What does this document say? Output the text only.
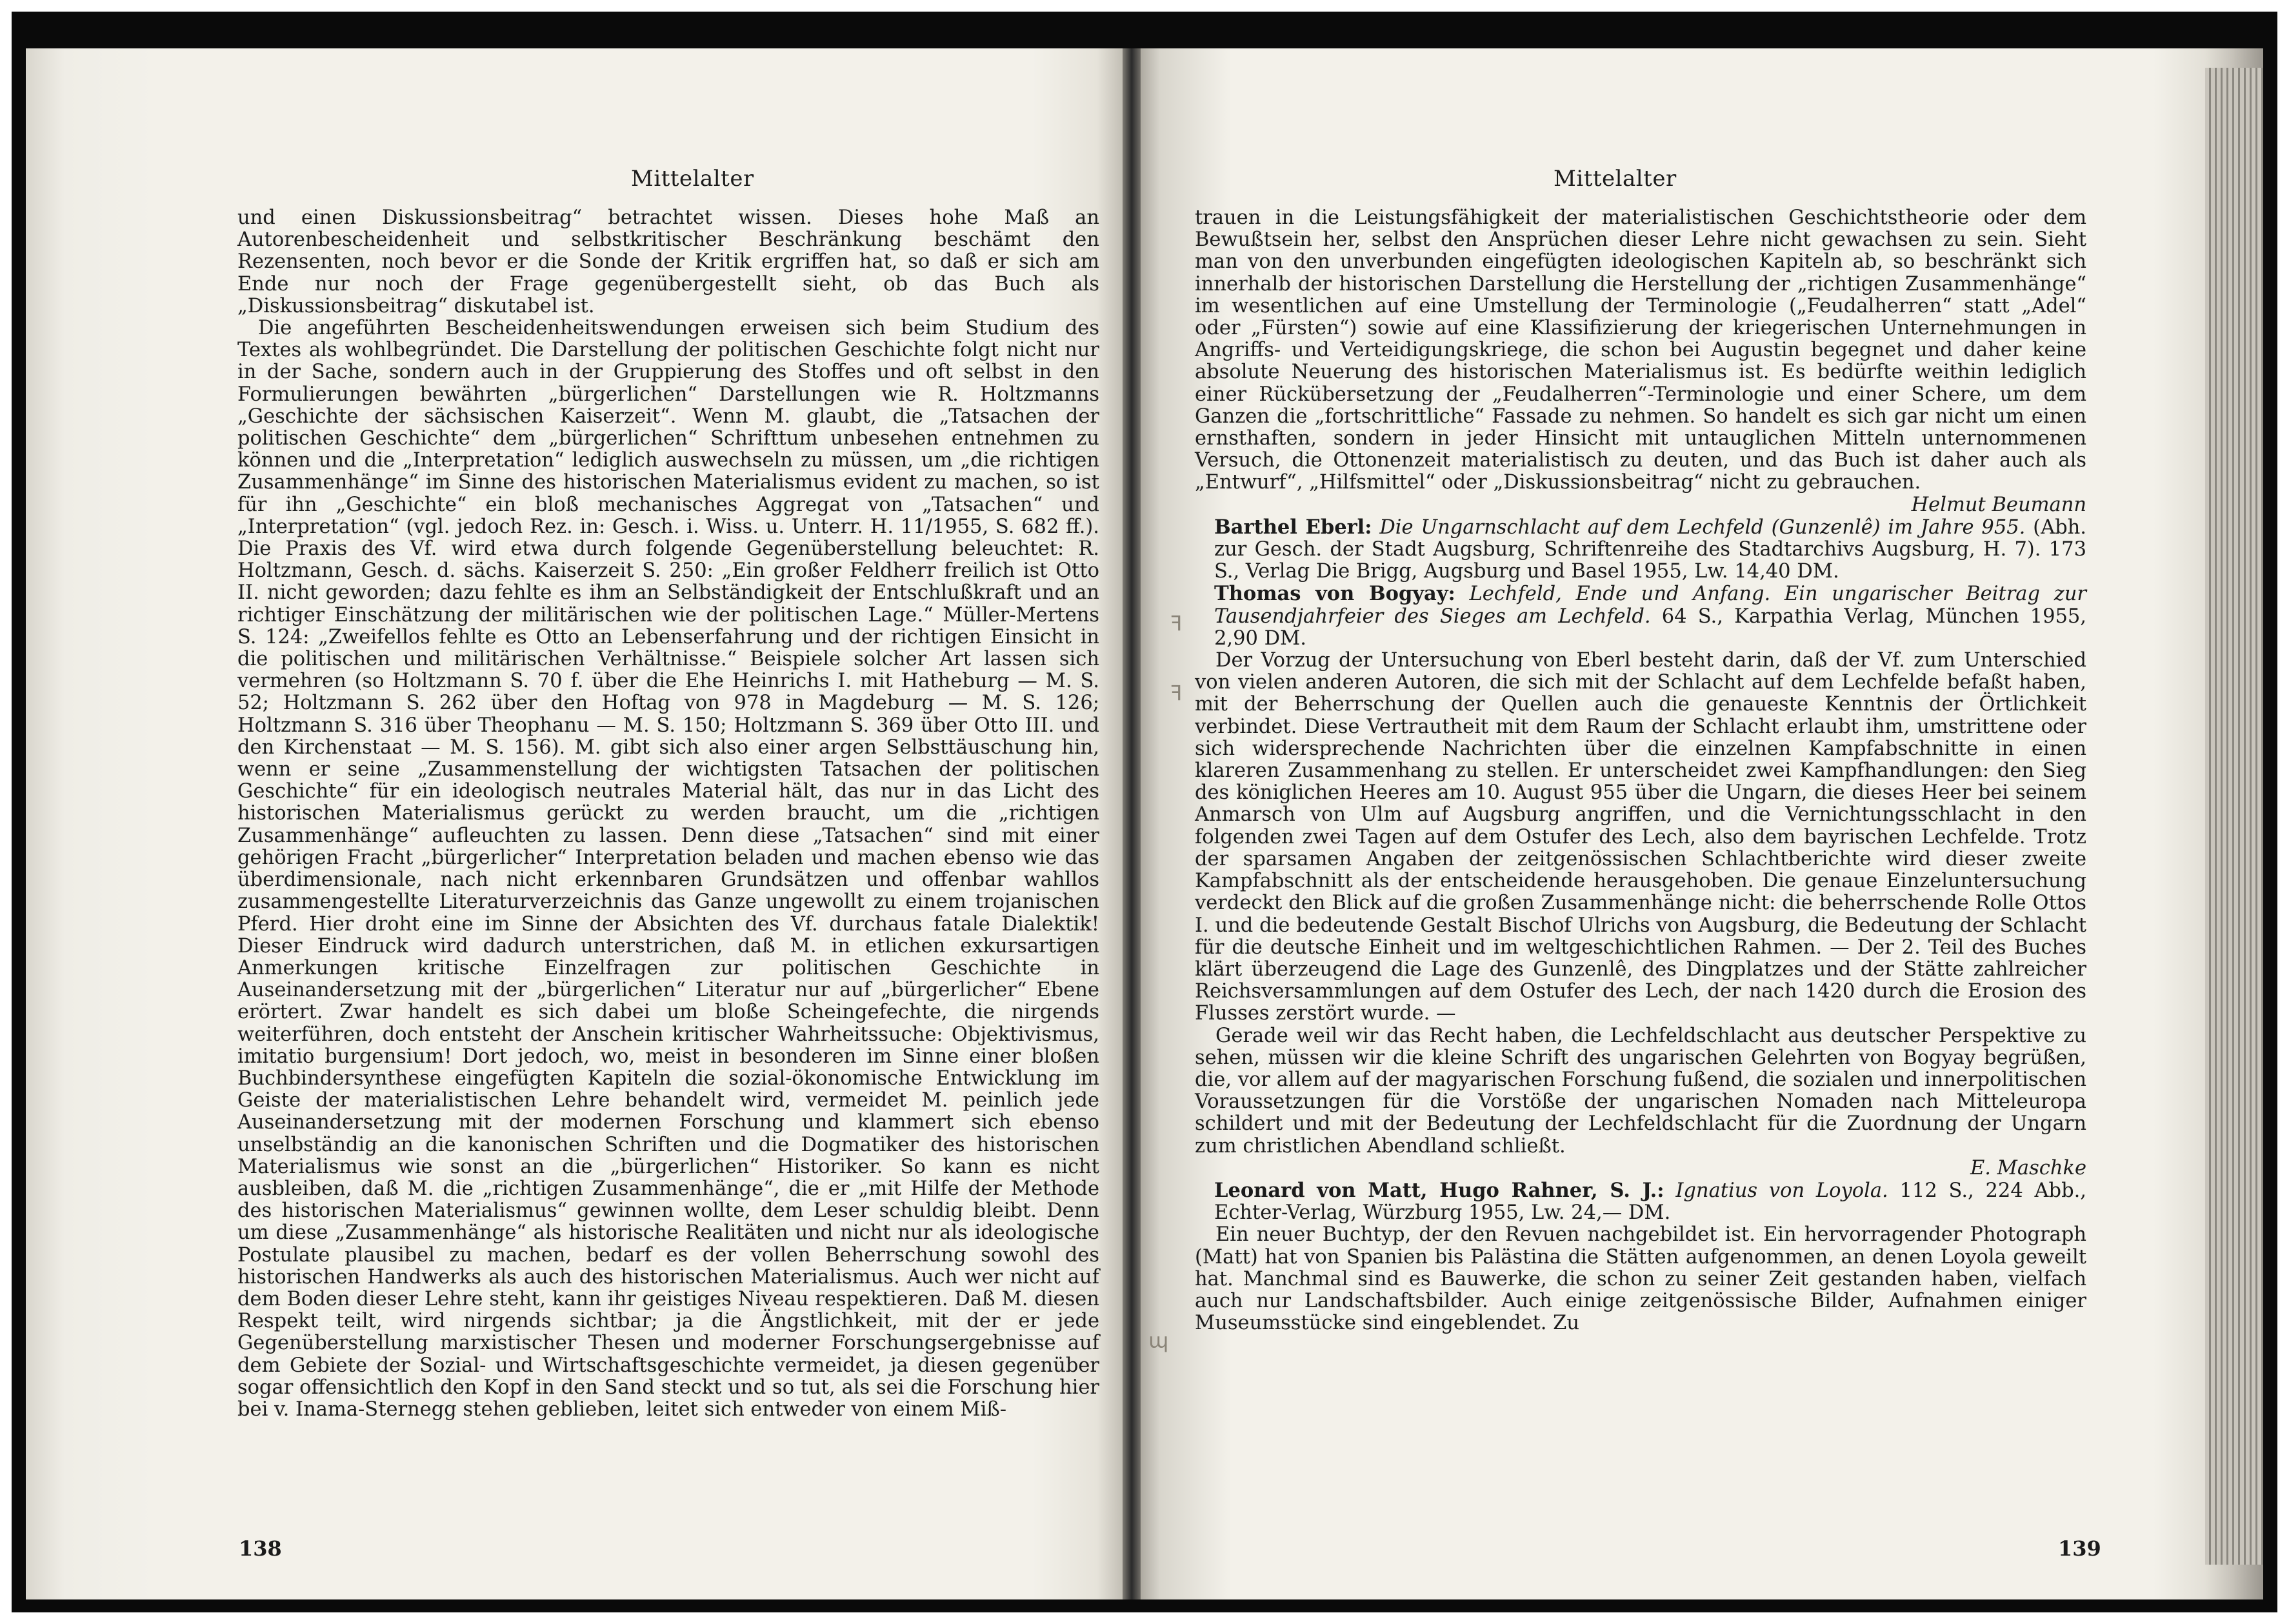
Mittelalter

und einen Diskussionsbeitrag“ betrachtet wissen. Dieses hohe Maß an Autorenbescheidenheit und selbstkritischer Beschränkung beschämt den Rezensenten, noch bevor er die Sonde der Kritik ergriffen hat, so daß er sich am Ende nur noch der Frage gegenübergestellt sieht, ob das Buch als „Diskussionsbeitrag“ diskutabel ist.

Die angeführten Bescheidenheitswendungen erweisen sich beim Studium des Textes als wohlbegründet. Die Darstellung der politischen Geschichte folgt nicht nur in der Sache, sondern auch in der Gruppierung des Stoffes und oft selbst in den Formulierungen bewährten „bürgerlichen“ Darstellungen wie R. Holtzmanns „Geschichte der sächsischen Kaiserzeit“. Wenn M. glaubt, die „Tatsachen der politischen Geschichte“ dem „bürgerlichen“ Schrifttum unbesehen entnehmen zu können und die „Interpretation“ lediglich auswechseln zu müssen, um „die richtigen Zusammenhänge“ im Sinne des historischen Materialismus evident zu machen, so ist für ihn „Geschichte“ ein bloß mechanisches Aggregat von „Tatsachen“ und „Interpretation“ (vgl. jedoch Rez. in: Gesch. i. Wiss. u. Unterr. H. 11/1955, S. 682 ff.). Die Praxis des Vf. wird etwa durch folgende Gegenüberstellung beleuchtet: R. Holtzmann, Gesch. d. sächs. Kaiserzeit S. 250: „Ein großer Feldherr freilich ist Otto II. nicht geworden; dazu fehlte es ihm an Selbständigkeit der Entschlußkraft und an richtiger Einschätzung der militärischen wie der politischen Lage.“ Müller-Mertens S. 124: „Zweifellos fehlte es Otto an Lebenserfahrung und der richtigen Einsicht in die politischen und militärischen Verhältnisse.“ Beispiele solcher Art lassen sich vermehren (so Holtzmann S. 70 f. über die Ehe Heinrichs I. mit Hatheburg — M. S. 52; Holtzmann S. 262 über den Hoftag von 978 in Magdeburg — M. S. 126; Holtzmann S. 316 über Theophanu — M. S. 150; Holtzmann S. 369 über Otto III. und den Kirchenstaat — M. S. 156). M. gibt sich also einer argen Selbsttäuschung hin, wenn er seine „Zusammenstellung der wichtigsten Tatsachen der politischen Geschichte“ für ein ideologisch neutrales Material hält, das nur in das Licht des historischen Materialismus gerückt zu werden braucht, um die „richtigen Zusammenhänge“ aufleuchten zu lassen. Denn diese „Tatsachen“ sind mit einer gehörigen Fracht „bürgerlicher“ Interpretation beladen und machen ebenso wie das überdimensionale, nach nicht erkennbaren Grundsätzen und offenbar wahllos zusammengestellte Literaturverzeichnis das Ganze ungewollt zu einem trojanischen Pferd. Hier droht eine im Sinne der Absichten des Vf. durchaus fatale Dialektik! Dieser Eindruck wird dadurch unterstrichen, daß M. in etlichen exkursartigen Anmerkungen kritische Einzelfragen zur politischen Geschichte in Auseinandersetzung mit der „bürgerlichen“ Literatur nur auf „bürgerlicher“ Ebene erörtert. Zwar handelt es sich dabei um bloße Scheingefechte, die nirgends weiterführen, doch entsteht der Anschein kritischer Wahrheitssuche: Objektivismus, imitatio burgensium! Dort jedoch, wo, meist in besonderen im Sinne einer bloßen Buchbindersynthese eingefügten Kapiteln die sozial-ökonomische Entwicklung im Geiste der materialistischen Lehre behandelt wird, vermeidet M. peinlich jede Auseinandersetzung mit der modernen Forschung und klammert sich ebenso unselbständig an die kanonischen Schriften und die Dogmatiker des historischen Materialismus wie sonst an die „bürgerlichen“ Historiker. So kann es nicht ausbleiben, daß M. die „richtigen Zusammenhänge“, die er „mit Hilfe der Methode des historischen Materialismus“ gewinnen wollte, dem Leser schuldig bleibt. Denn um diese „Zusammenhänge“ als historische Realitäten und nicht nur als ideologische Postulate plausibel zu machen, bedarf es der vollen Beherrschung sowohl des historischen Handwerks als auch des historischen Materialismus. Auch wer nicht auf dem Boden dieser Lehre steht, kann ihr geistiges Niveau respektieren. Daß M. diesen Respekt teilt, wird nirgends sichtbar; ja die Ängstlichkeit, mit der er jede Gegenüberstellung marxistischer Thesen und moderner Forschungsergebnisse auf dem Gebiete der Sozial- und Wirtschaftsgeschichte vermeidet, ja diesen gegenüber sogar offensichtlich den Kopf in den Sand steckt und so tut, als sei die Forschung hier bei v. Inama-Sternegg stehen geblieben, leitet sich entweder von einem Miß-

138
Mittelalter

trauen in die Leistungsfähigkeit der materialistischen Geschichtstheorie oder dem Bewußtsein her, selbst den Ansprüchen dieser Lehre nicht gewachsen zu sein. Sieht man von den unverbunden eingefügten ideologischen Kapiteln ab, so beschränkt sich innerhalb der historischen Darstellung die Herstellung der „richtigen Zusammenhänge“ im wesentlichen auf eine Umstellung der Terminologie („Feudalherren“ statt „Adel“ oder „Fürsten“) sowie auf eine Klassifizierung der kriegerischen Unternehmungen in Angriffs- und Verteidigungskriege, die schon bei Augustin begegnet und daher keine absolute Neuerung des historischen Materialismus ist. Es bedürfte weithin lediglich einer Rückübersetzung der „Feudalherren“-Terminologie und einer Schere, um dem Ganzen die „fortschrittliche“ Fassade zu nehmen. So handelt es sich gar nicht um einen ernsthaften, sondern in jeder Hinsicht mit untauglichen Mitteln unternommenen Versuch, die Ottonenzeit materialistisch zu deuten, und das Buch ist daher auch als „Entwurf“, „Hilfsmittel“ oder „Diskussionsbeitrag“ nicht zu gebrauchen.

Helmut Beumann

Barthel Eberl: Die Ungarnschlacht auf dem Lechfeld (Gunzenlê) im Jahre 955. (Abh. zur Gesch. der Stadt Augsburg, Schriftenreihe des Stadtarchivs Augsburg, H. 7). 173 S., Verlag Die Brigg, Augsburg und Basel 1955, Lw. 14,40 DM.

Thomas von Bogyay: Lechfeld, Ende und Anfang. Ein ungarischer Beitrag zur Tausendjahrfeier des Sieges am Lechfeld. 64 S., Karpathia Verlag, München 1955, 2,90 DM.

Der Vorzug der Untersuchung von Eberl besteht darin, daß der Vf. zum Unterschied von vielen anderen Autoren, die sich mit der Schlacht auf dem Lechfelde befaßt haben, mit der Beherrschung der Quellen auch die genaueste Kenntnis der Örtlichkeit verbindet. Diese Vertrautheit mit dem Raum der Schlacht erlaubt ihm, umstrittene oder sich widersprechende Nachrichten über die einzelnen Kampfabschnitte in einen klareren Zusammenhang zu stellen. Er unterscheidet zwei Kampfhandlungen: den Sieg des königlichen Heeres am 10. August 955 über die Ungarn, die dieses Heer bei seinem Anmarsch von Ulm auf Augsburg angriffen, und die Vernichtungsschlacht in den folgenden zwei Tagen auf dem Ostufer des Lech, also dem bayrischen Lechfelde. Trotz der sparsamen Angaben der zeitgenössischen Schlachtberichte wird dieser zweite Kampfabschnitt als der entscheidende herausgehoben. Die genaue Einzeluntersuchung verdeckt den Blick auf die großen Zusammenhänge nicht: die beherrschende Rolle Ottos I. und die bedeutende Gestalt Bischof Ulrichs von Augsburg, die Bedeutung der Schlacht für die deutsche Einheit und im weltgeschichtlichen Rahmen. — Der 2. Teil des Buches klärt überzeugend die Lage des Gunzenlê, des Dingplatzes und der Stätte zahlreicher Reichsversammlungen auf dem Ostufer des Lech, der nach 1420 durch die Erosion des Flusses zerstört wurde. —

Gerade weil wir das Recht haben, die Lechfeldschlacht aus deutscher Perspektive zu sehen, müssen wir die kleine Schrift des ungarischen Gelehrten von Bogyay begrüßen, die, vor allem auf der magyarischen Forschung fußend, die sozialen und innerpolitischen Voraussetzungen für die Vorstöße der ungarischen Nomaden nach Mitteleuropa schildert und mit der Bedeutung der Lechfeldschlacht für die Zuordnung der Ungarn zum christlichen Abendland schließt.

E. Maschke

Leonard von Matt, Hugo Rahner, S. J.: Ignatius von Loyola. 112 S., 224 Abb., Echter-Verlag, Würzburg 1955, Lw. 24,— DM.

Ein neuer Buchtyp, der den Revuen nachgebildet ist. Ein hervorragender Photograph (Matt) hat von Spanien bis Palästina die Stätten aufgenommen, an denen Loyola geweilt hat. Manchmal sind es Bauwerke, die schon zu seiner Zeit gestanden haben, vielfach auch nur Landschaftsbilder. Auch einige zeitgenössische Bilder, Aufnahmen einiger Museumsstücke sind eingeblendet. Zu

139
ꟻ
ꟻ
ɰ
